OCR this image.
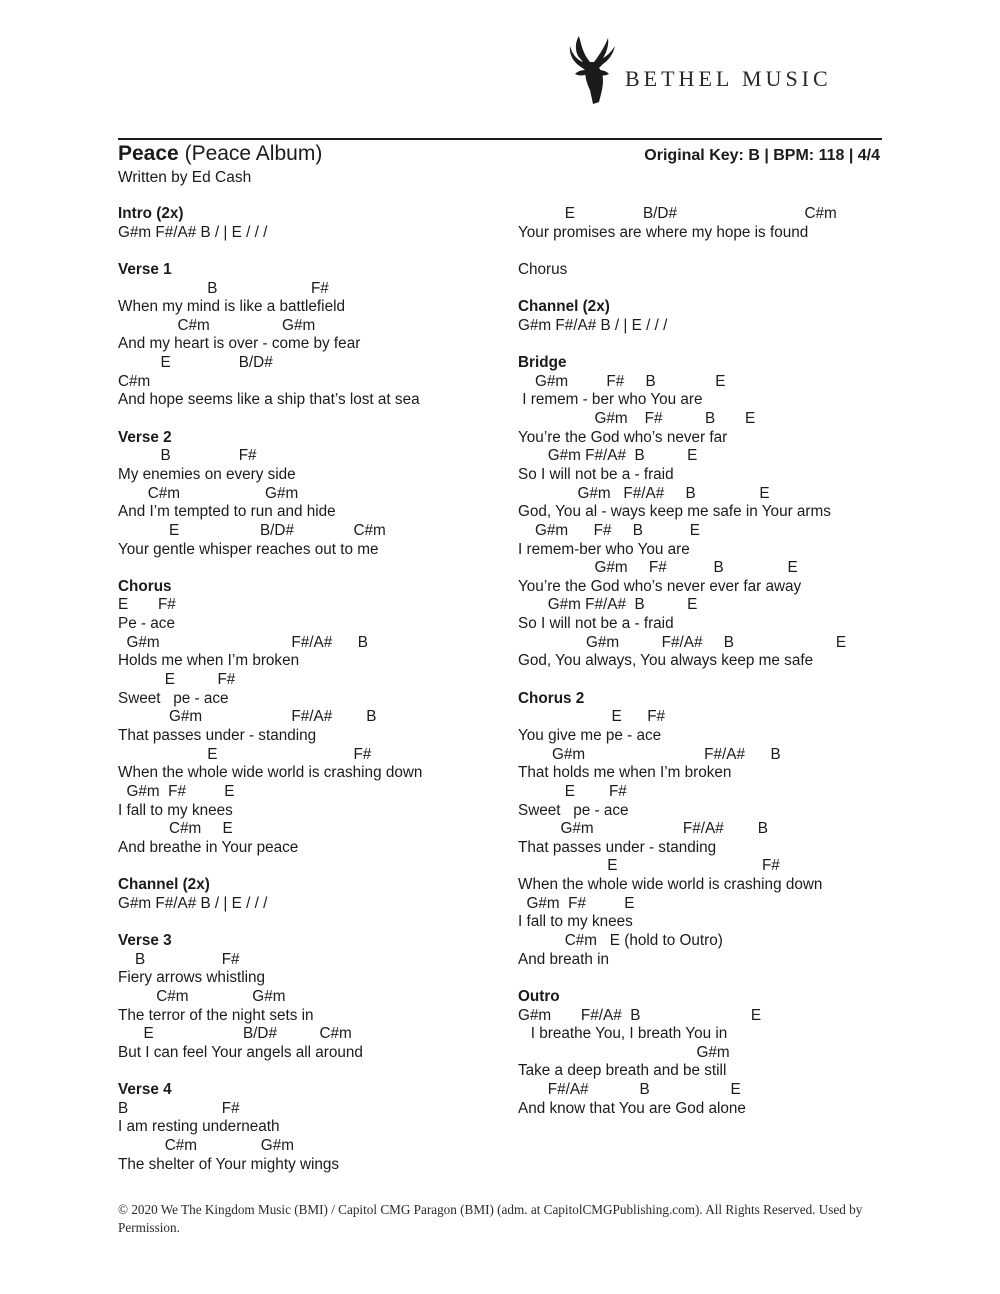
BETHEL MUSIC
Peace (Peace Album)	Original Key: B | BPM: 118 | 4/4
Written by Ed Cash
Intro (2x)
G#m F#/A# B / | E / / /
Verse 1
B                      F#
When my mind is like a battlefield
C#m                 G#m
And my heart is over - come by fear
E                B/D#
C#m
And hope seems like a ship that’s lost at sea
Verse 2
B                F#
My enemies on every side
C#m                    G#m
And I’m tempted to run and hide
E                   B/D#              C#m
Your gentle whisper reaches out to me
Chorus
E       F#
Pe - ace
G#m                               F#/A#      B
Holds me when I’m broken
E          F#
Sweet   pe - ace
G#m                     F#/A#        B
That passes under - standing
E                                F#
When the whole wide world is crashing down
G#m  F#         E
I fall to my knees
C#m     E
And breathe in Your peace
Channel (2x)
G#m F#/A# B / | E / / /
Verse 3
B                  F#
Fiery arrows whistling
C#m               G#m
The terror of the night sets in
E                     B/D#          C#m
But I can feel Your angels all around
Verse 4
B                      F#
I am resting underneath
C#m               G#m
The shelter of Your mighty wings
E                B/D#                              C#m
Your promises are where my hope is found
Chorus
Channel (2x)
G#m F#/A# B / | E / / /
Bridge
G#m         F#     B              E
I remem - ber who You are
G#m    F#          B       E
You’re the God who’s never far
G#m F#/A#  B          E
So I will not be a - fraid
G#m   F#/A#     B               E
God, You al - ways keep me safe in Your arms
G#m      F#     B           E
I remem-ber who You are
G#m     F#           B               E
You’re the God who’s never ever far away
G#m F#/A#  B          E
So I will not be a - fraid
G#m          F#/A#     B                        E
God, You always, You always keep me safe
Chorus 2
E      F#
You give me pe - ace
G#m                            F#/A#      B
That holds me when I’m broken
E        F#
Sweet   pe - ace
G#m                     F#/A#        B
That passes under - standing
E                                  F#
When the whole wide world is crashing down
G#m  F#         E
I fall to my knees
C#m   E (hold to Outro)
And breath in
Outro
G#m       F#/A#  B                          E
I breathe You, I breath You in
G#m
Take a deep breath and be still
F#/A#            B                   E
And know that You are God alone
© 2020 We The Kingdom Music (BMI) / Capitol CMG Paragon (BMI) (adm. at CapitolCMGPublishing.com). All Rights Reserved. Used by Permission.
